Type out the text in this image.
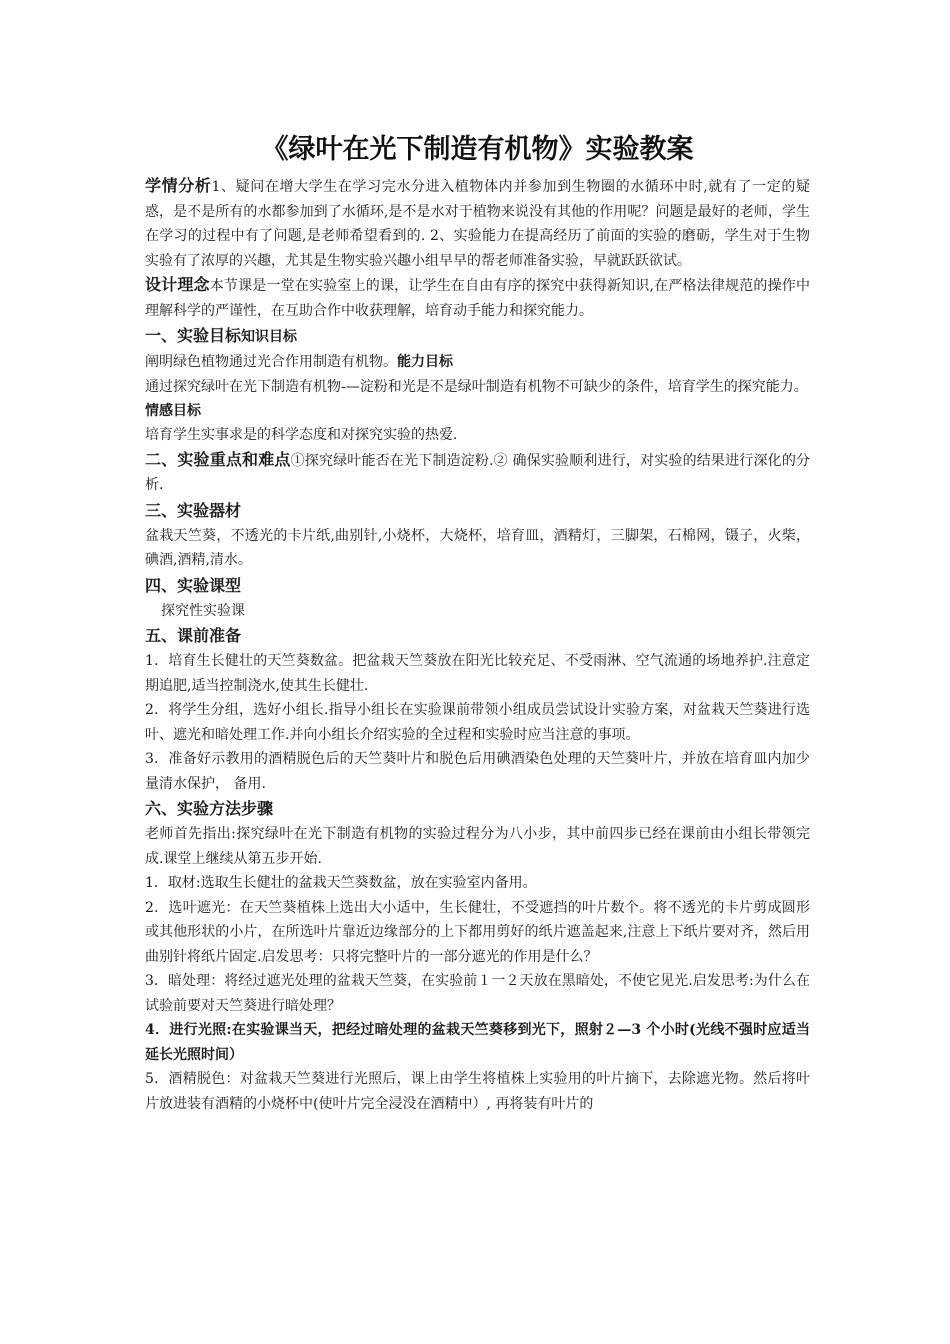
《绿叶在光下制造有机物》实验教案

学情分析1、疑问在增大学生在学习完水分进入植物体内并参加到生物圈的水循环中时,就有了一定的疑惑，是不是所有的水都参加到了水循环,是不是水对于植物来说没有其他的作用呢？问题是最好的老师，学生在学习的过程中有了问题,是老师希望看到的. 2、实验能力在提高经历了前面的实验的磨砺，学生对于生物实验有了浓厚的兴趣，尤其是生物实验兴趣小组早早的帮老师准备实验，早就跃跃欲试。

设计理念本节课是一堂在实验室上的课，让学生在自由有序的探究中获得新知识,在严格法律规范的操作中理解科学的严谨性，在互助合作中收获理解，培育动手能力和探究能力。

一、实验目标知识目标

阐明绿色植物通过光合作用制造有机物。能力目标

通过探究绿叶在光下制造有机物-—淀粉和光是不是绿叶制造有机物不可缺少的条件，培育学生的探究能力。

情感目标

培育学生实事求是的科学态度和对探究实验的热爱.

二、实验重点和难点①探究绿叶能否在光下制造淀粉.② 确保实验顺利进行，对实验的结果进行深化的分析.

三、实验器材

盆栽天竺葵，不透光的卡片纸,曲别针,小烧杯，大烧杯，培育皿，酒精灯，三脚架，石棉网，镊子，火柴，碘酒,酒精,清水。

四、实验课型

探究性实验课

五、课前准备

1．培育生长健壮的天竺葵数盆。把盆栽天竺葵放在阳光比较充足、不受雨淋、空气流通的场地养护.注意定期追肥,适当控制浇水,使其生长健壮.

2．将学生分组，选好小组长.指导小组长在实验课前带领小组成员尝试设计实验方案，对盆栽天竺葵进行选叶、遮光和暗处理工作.并向小组长介绍实验的全过程和实验时应当注意的事项。

3．准备好示教用的酒精脱色后的天竺葵叶片和脱色后用碘酒染色处理的天竺葵叶片，并放在培育皿内加少量清水保护， 备用.

六、实验方法步骤

老师首先指出:探究绿叶在光下制造有机物的实验过程分为八小步，其中前四步已经在课前由小组长带领完成.课堂上继续从第五步开始.

1．取材:选取生长健壮的盆栽天竺葵数盆，放在实验室内备用。

2．选叶遮光：在天竺葵植株上选出大小适中，生长健壮，不受遮挡的叶片数个。将不透光的卡片剪成圆形或其他形状的小片，在所选叶片靠近边缘部分的上下都用剪好的纸片遮盖起来,注意上下纸片要对齐，然后用曲别针将纸片固定.启发思考：只将完整叶片的一部分遮光的作用是什么？

3．暗处理：将经过遮光处理的盆栽天竺葵，在实验前１一２天放在黑暗处，不使它见光.启发思考:为什么在试验前要对天竺葵进行暗处理？

4．进行光照:在实验课当天，把经过暗处理的盆栽天竺葵移到光下，照射２—3 个小时(光线不强时应适当延长光照时间）

5．酒精脱色：对盆栽天竺葵进行光照后，课上由学生将植株上实验用的叶片摘下，去除遮光物。然后将叶片放进装有酒精的小烧杯中(使叶片完全浸没在酒精中）, 再将装有叶片的
